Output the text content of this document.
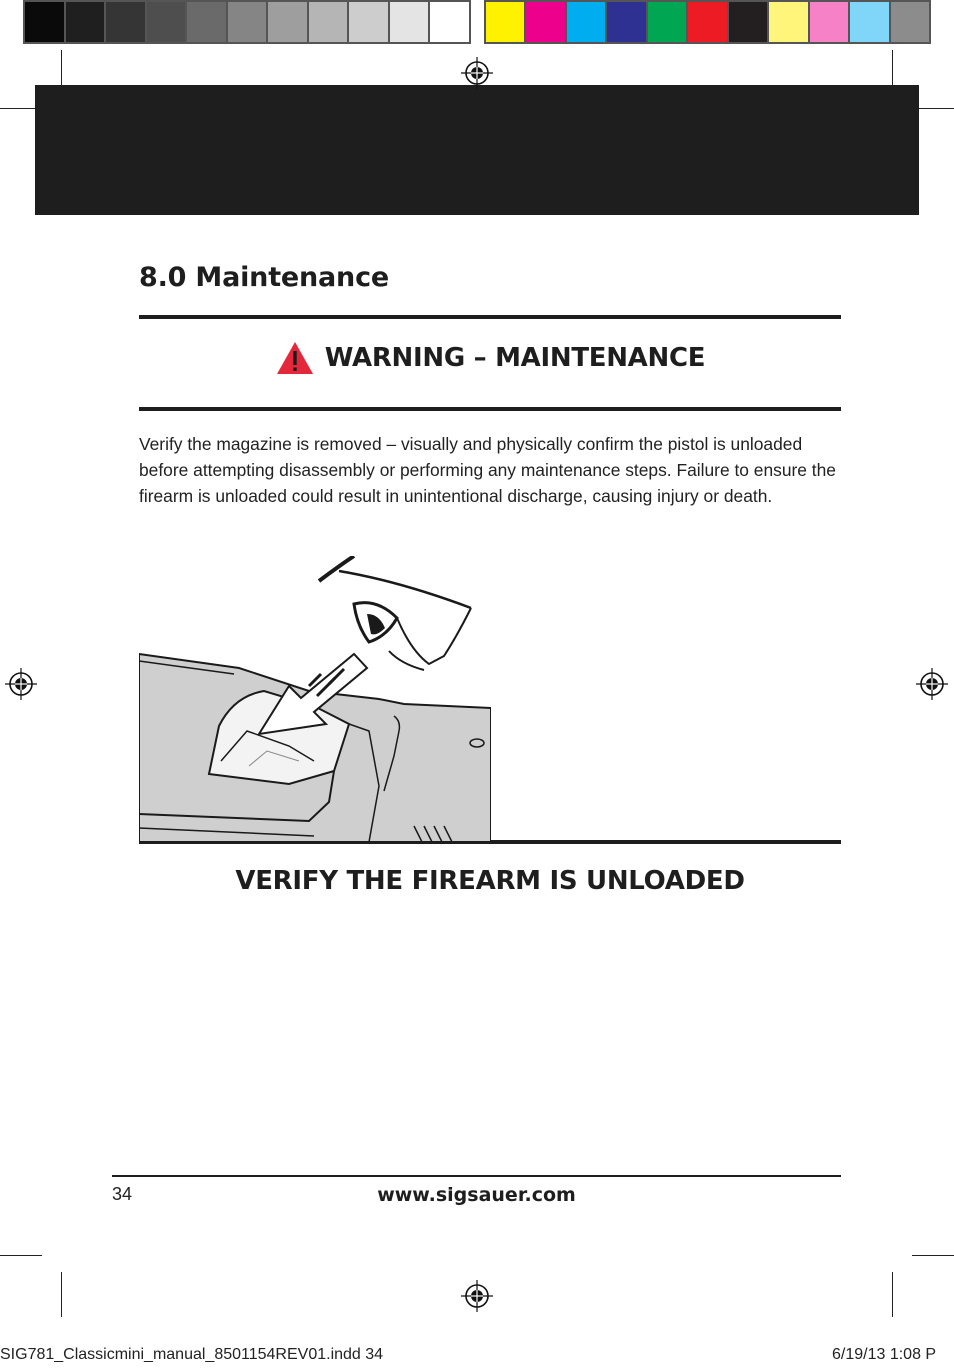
8.0 Maintenance
WARNING – MAINTENANCE
Verify the magazine is removed – visually and physically confirm the pistol is unloaded before attempting disassembly or performing any maintenance steps. Failure to ensure the firearm is unloaded could result in unintentional discharge, causing injury or death.
VERIFY THE FIREARM IS UNLOADED
34	www.sigsauer.com
SIG781_Classicmini_manual_8501154REV01.indd 34	6/19/13 1:08 P
